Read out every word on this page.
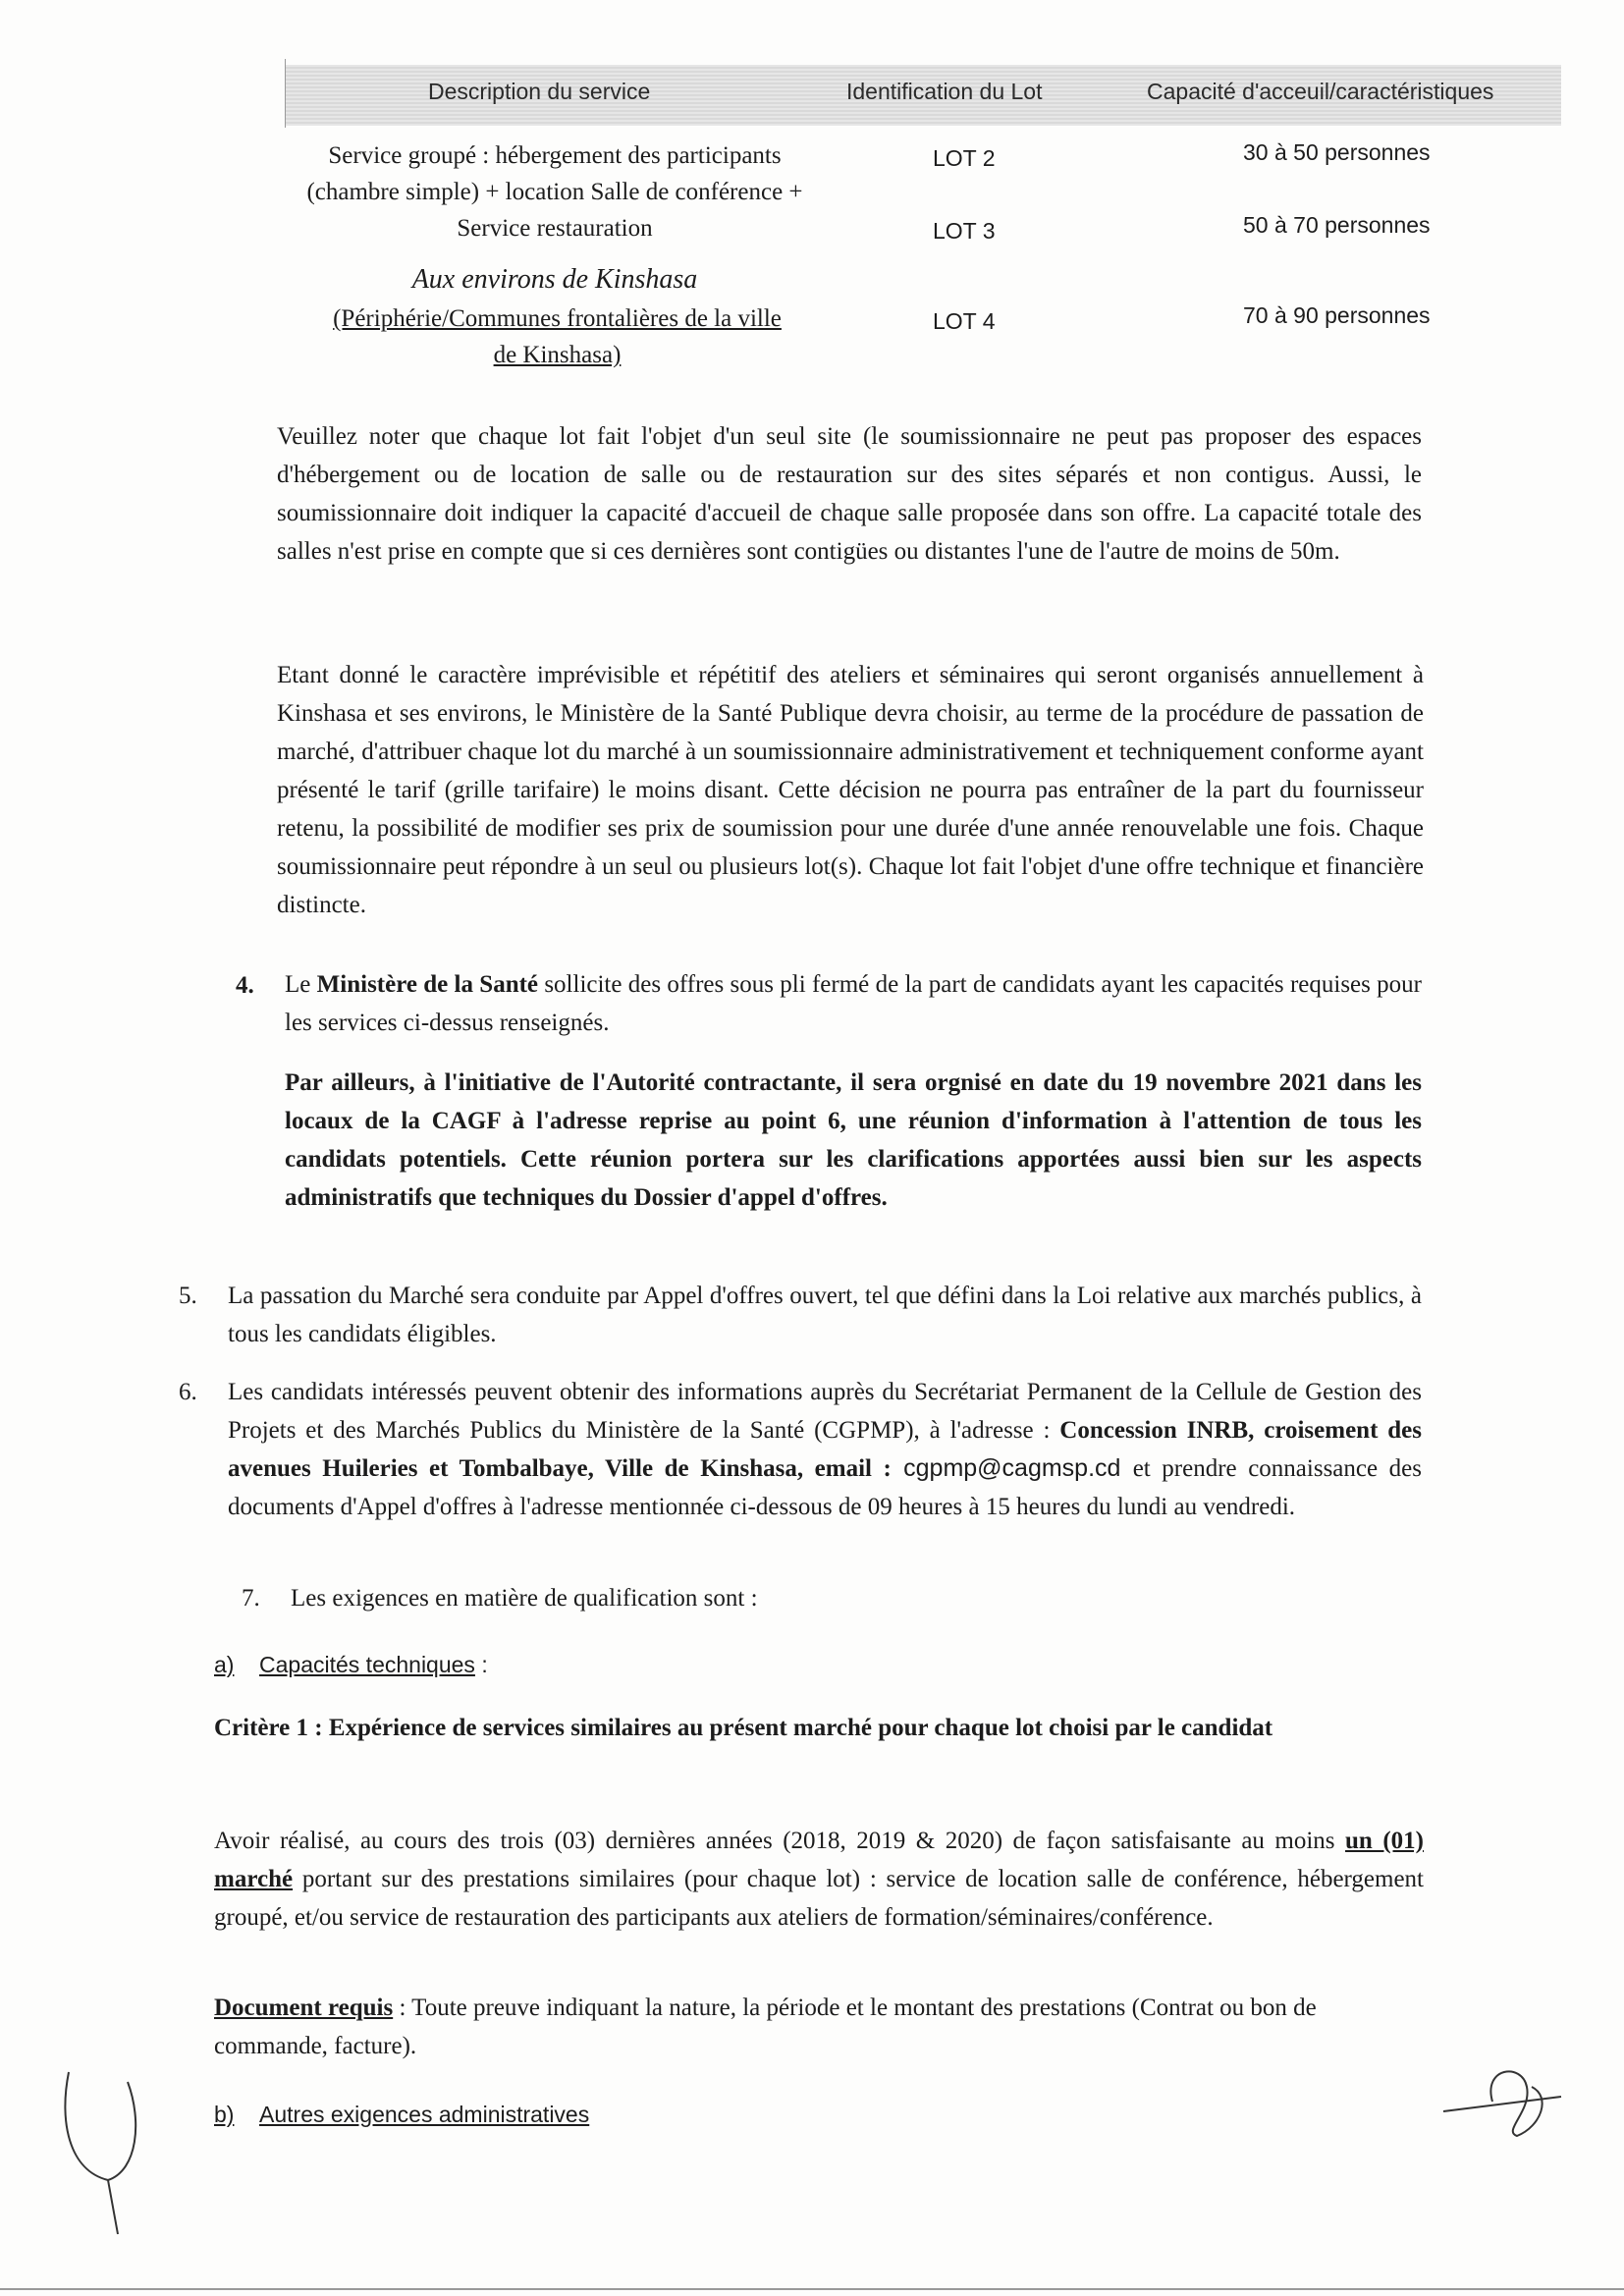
Description du service	Identification du Lot	Capacité d'acceuil/caractéristiques
Service groupé : hébergement des participants (chambre simple) + location Salle de conférence + Service restauration
Aux environs de Kinshasa
(Périphérie/Communes frontalières de la ville de Kinshasa)
LOT 2	30 à 50 personnes
LOT 3	50 à 70 personnes
LOT 4	70 à 90 personnes
Veuillez noter que chaque lot fait l'objet d'un seul site (le soumissionnaire ne peut pas proposer des espaces d'hébergement ou de location de salle ou de restauration sur des sites séparés et non contigus. Aussi, le soumissionnaire doit indiquer la capacité d'accueil de chaque salle proposée dans son offre. La capacité totale des salles n'est prise en compte que si ces dernières sont contigües ou distantes l'une de l'autre de moins de 50m.
Etant donné le caractère imprévisible et répétitif des ateliers et séminaires qui seront organisés annuellement à Kinshasa et ses environs, le Ministère de la Santé Publique devra choisir, au terme de la procédure de passation de marché, d'attribuer chaque lot du marché à un soumissionnaire administrativement et techniquement conforme ayant présenté le tarif (grille tarifaire) le moins disant. Cette décision ne pourra pas entraîner de la part du fournisseur retenu, la possibilité de modifier ses prix de soumission pour une durée d'une année renouvelable une fois. Chaque soumissionnaire peut répondre à un seul ou plusieurs lot(s). Chaque lot fait l'objet d'une offre technique et financière distincte.
4. Le Ministère de la Santé sollicite des offres sous pli fermé de la part de candidats ayant les capacités requises pour les services ci-dessus renseignés.
Par ailleurs, à l'initiative de l'Autorité contractante, il sera orgnisé en date du 19 novembre 2021 dans les locaux de la CAGF à l'adresse reprise au point 6, une réunion d'information à l'attention de tous les candidats potentiels. Cette réunion portera sur les clarifications apportées aussi bien sur les aspects administratifs que techniques du Dossier d'appel d'offres.
5. La passation du Marché sera conduite par Appel d'offres ouvert, tel que défini dans la Loi relative aux marchés publics, à tous les candidats éligibles.
6. Les candidats intéressés peuvent obtenir des informations auprès du Secrétariat Permanent de la Cellule de Gestion des Projets et des Marchés Publics du Ministère de la Santé (CGPMP), à l'adresse : Concession INRB, croisement des avenues Huileries et Tombalbaye, Ville de Kinshasa, email : cgpmp@cagmsp.cd et prendre connaissance des documents d'Appel d'offres à l'adresse mentionnée ci-dessous de 09 heures à 15 heures du lundi au vendredi.
7. Les exigences en matière de qualification sont :
a) Capacités techniques :
Critère 1 : Expérience de services similaires au présent marché pour chaque lot choisi par le candidat
Avoir réalisé, au cours des trois (03) dernières années (2018, 2019 & 2020) de façon satisfaisante au moins un (01) marché portant sur des prestations similaires (pour chaque lot) : service de location salle de conférence, hébergement groupé, et/ou service de restauration des participants aux ateliers de formation/séminaires/conférence.
Document requis : Toute preuve indiquant la nature, la période et le montant des prestations (Contrat ou bon de commande, facture).
b) Autres exigences administratives
